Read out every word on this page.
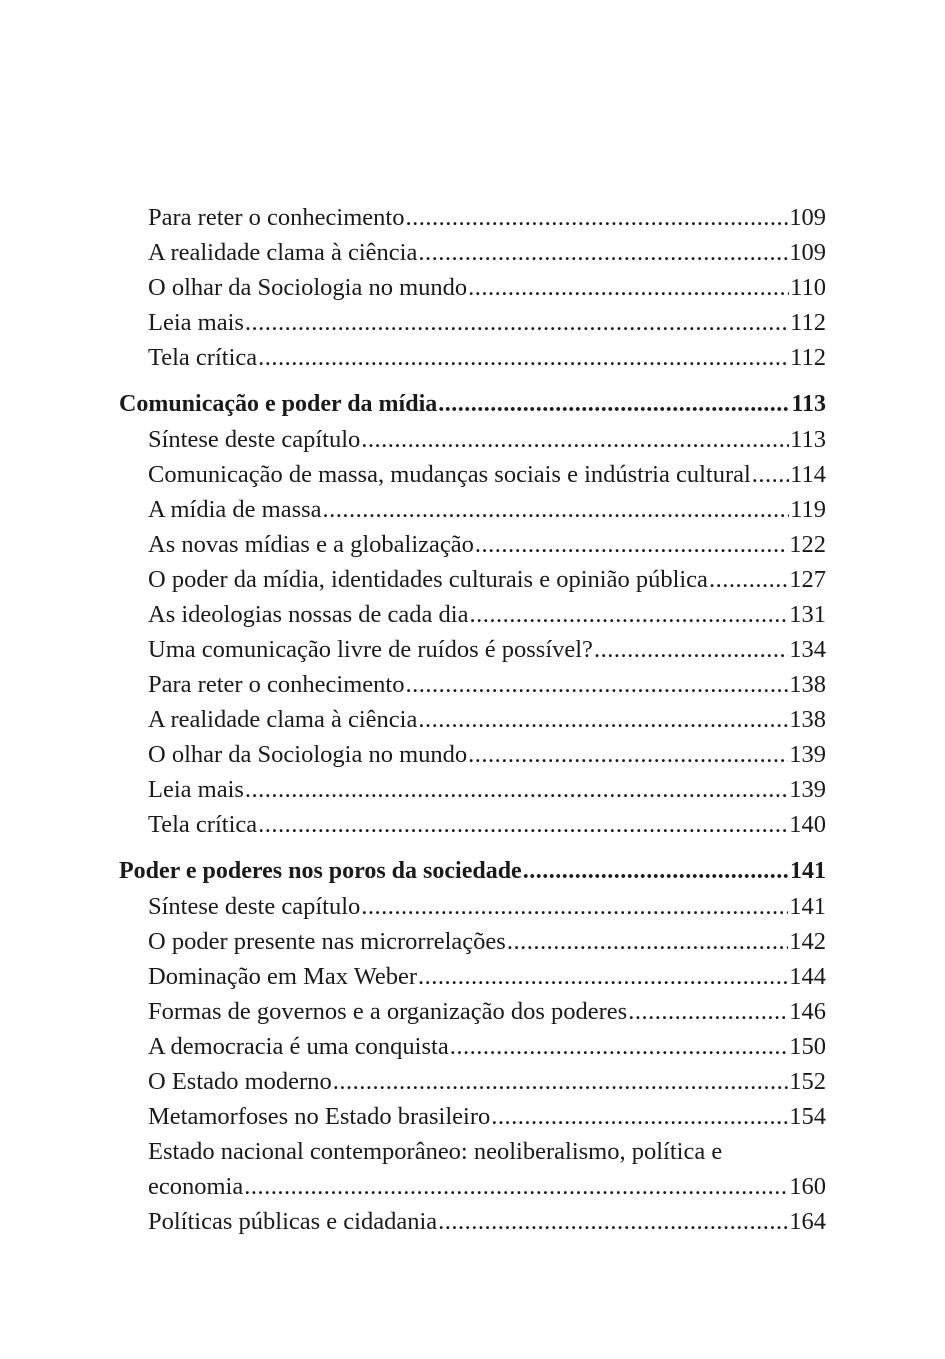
Para reter o conhecimento .....	109
A realidade clama à ciência .....	109
O olhar da Sociologia no mundo .....	110
Leia mais .....	112
Tela crítica .....	112
Comunicação e poder da mídia .....	113
Síntese deste capítulo .....	113
Comunicação de massa, mudanças sociais e indústria cultural ..... 114
A mídia de massa .....	119
As novas mídias e a globalização .....	122
O poder da mídia, identidades culturais e opinião pública .....	127
As ideologias nossas de cada dia .....	131
Uma comunicação livre de ruídos é possível? .....	134
Para reter o conhecimento .....	138
A realidade clama à ciência .....	138
O olhar da Sociologia no mundo .....	139
Leia mais .....	139
Tela crítica .....	140
Poder e poderes nos poros da sociedade .....	141
Síntese deste capítulo .....	141
O poder presente nas microrrelações .....	142
Dominação em Max Weber .....	144
Formas de governos e a organização dos poderes .....	146
A democracia é uma conquista .....	150
O Estado moderno .....	152
Metamorfoses no Estado brasileiro .....	154
Estado nacional contemporâneo: neoliberalismo, política e
economia .....	160
Políticas públicas e cidadania .....	164
